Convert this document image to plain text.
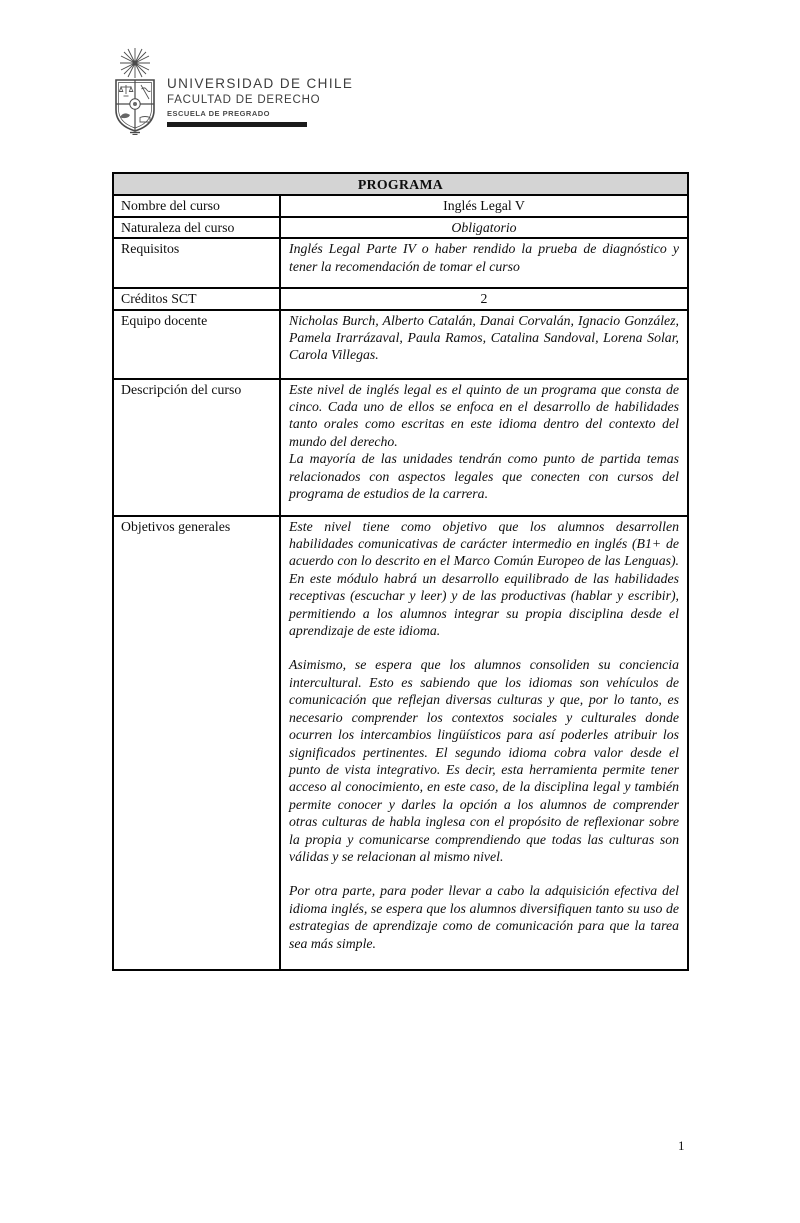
UNIVERSIDAD DE CHILE
FACULTAD DE DERECHO
ESCUELA DE PREGRADO
PROGRAMA	
Nombre del curso	Inglés Legal V
Naturaleza del curso	Obligatorio
Requisitos	Inglés Legal Parte IV o haber rendido la prueba de diagnóstico y tener la recomendación de tomar el curso
Créditos SCT	2
Equipo docente	Nicholas Burch, Alberto Catalán, Danai Corvalán, Ignacio González, Pamela Irarrázaval, Paula Ramos, Catalina Sandoval, Lorena Solar, Carola Villegas.
Descripción del curso	Este nivel de inglés legal es el quinto de un programa que consta de cinco. Cada uno de ellos se enfoca en el desarrollo de habilidades tanto orales como escritas en este idioma dentro del contexto del mundo del derecho.

La mayoría de las unidades tendrán como punto de partida temas relacionados con aspectos legales que conecten con cursos del programa de estudios de la carrera.

Objetivos generales	Este nivel tiene como objetivo que los alumnos desarrollen habilidades comunicativas de carácter intermedio en inglés (B1+ de acuerdo con lo descrito en el Marco Común Europeo de las Lenguas). En este módulo habrá un desarrollo equilibrado de las habilidades receptivas (escuchar y leer) y de las productivas (hablar y escribir), permitiendo a los alumnos integrar su propia disciplina desde el aprendizaje de este idioma.

Asimismo, se espera que los alumnos consoliden su conciencia intercultural. Esto es sabiendo que los idiomas son vehículos de comunicación que reflejan diversas culturas y que, por lo tanto, es necesario comprender los contextos sociales y culturales donde ocurren los intercambios lingüísticos para así poderles atribuir los significados pertinentes. El segundo idioma cobra valor desde el punto de vista integrativo. Es decir, esta herramienta permite tener acceso al conocimiento, en este caso, de la disciplina legal y también permite conocer y darles la opción a los alumnos de comprender otras culturas de habla inglesa con el propósito de reflexionar sobre la propia y comunicarse comprendiendo que todas las culturas son válidas y se relacionan al mismo nivel.

Por otra parte, para poder llevar a cabo la adquisición efectiva del idioma inglés, se espera que los alumnos diversifiquen tanto su uso de estrategias de aprendizaje como de comunicación para que la tarea sea más simple.

1
